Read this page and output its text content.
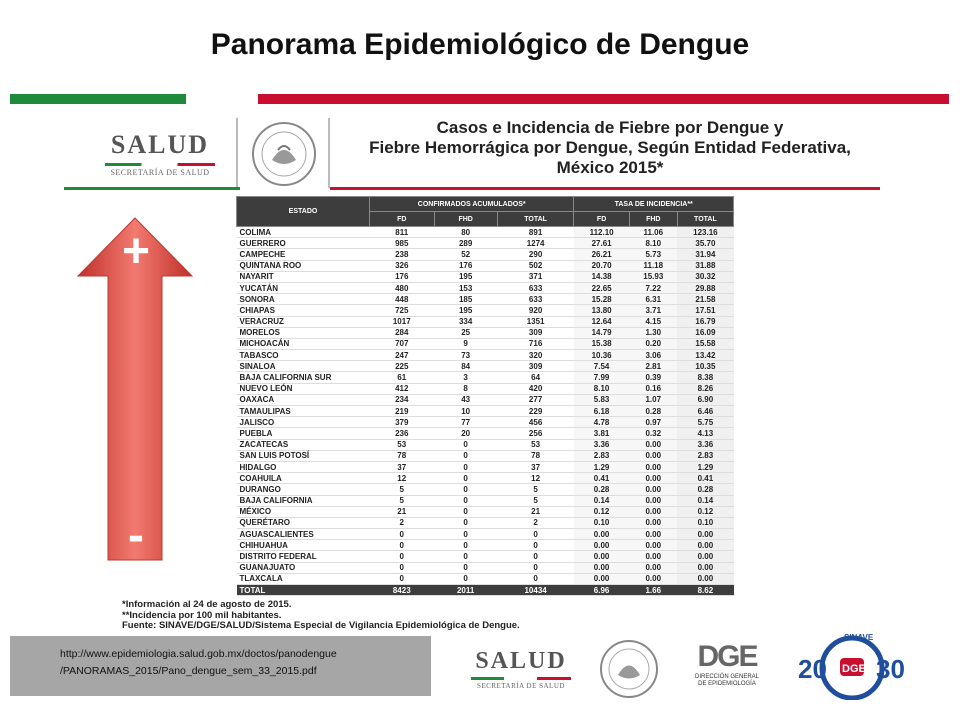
Panorama Epidemiológico de Dengue
SALUD
SECRETARÍA DE SALUD
Casos e Incidencia de Fiebre por Dengue y
Fiebre Hemorrágica por Dengue, Según Entidad Federativa,
México 2015*
+
-
ESTADO	CONFIRMADOS ACUMULADOS*			TASA DE INCIDENCIA**		
	FD	FHD	TOTAL	FD	FHD	TOTAL
COLIMA	811	80	891	112.10	11.06	123.16
GUERRERO	985	289	1274	27.61	8.10	35.70
CAMPECHE	238	52	290	26.21	5.73	31.94
QUINTANA ROO	326	176	502	20.70	11.18	31.88
NAYARIT	176	195	371	14.38	15.93	30.32
YUCATÁN	480	153	633	22.65	7.22	29.88
SONORA	448	185	633	15.28	6.31	21.58
CHIAPAS	725	195	920	13.80	3.71	17.51
VERACRUZ	1017	334	1351	12.64	4.15	16.79
MORELOS	284	25	309	14.79	1.30	16.09
MICHOACÁN	707	9	716	15.38	0.20	15.58
TABASCO	247	73	320	10.36	3.06	13.42
SINALOA	225	84	309	7.54	2.81	10.35
BAJA CALIFORNIA SUR	61	3	64	7.99	0.39	8.38
NUEVO LEÓN	412	8	420	8.10	0.16	8.26
OAXACA	234	43	277	5.83	1.07	6.90
TAMAULIPAS	219	10	229	6.18	0.28	6.46
JALISCO	379	77	456	4.78	0.97	5.75
PUEBLA	236	20	256	3.81	0.32	4.13
ZACATECAS	53	0	53	3.36	0.00	3.36
SAN LUIS POTOSÍ	78	0	78	2.83	0.00	2.83
HIDALGO	37	0	37	1.29	0.00	1.29
COAHUILA	12	0	12	0.41	0.00	0.41
DURANGO	5	0	5	0.28	0.00	0.28
BAJA CALIFORNIA	5	0	5	0.14	0.00	0.14
MÉXICO	21	0	21	0.12	0.00	0.12
QUERÉTARO	2	0	2	0.10	0.00	0.10
AGUASCALIENTES	0	0	0	0.00	0.00	0.00
CHIHUAHUA	0	0	0	0.00	0.00	0.00
DISTRITO FEDERAL	0	0	0	0.00	0.00	0.00
GUANAJUATO	0	0	0	0.00	0.00	0.00
TLAXCALA	0	0	0	0.00	0.00	0.00
TOTAL	8423	2011	10434	6.96	1.66	8.62
*Información al 24 de agosto de 2015.
**Incidencia por 100 mil habitantes.
Fuente: SINAVE/DGE/SALUD/Sistema Especial de Vigilancia Epidemiológica de Dengue.
http://www.epidemiologia.salud.gob.mx/doctos/panodengue
/PANORAMAS_2015/Pano_dengue_sem_33_2015.pdf	SALUD
SECRETARÍA DE SALUD
DGE
DIRECCIÓN GENERAL
DE EPIDEMIOLOGÍA	20 30
DGE
SINAVE
